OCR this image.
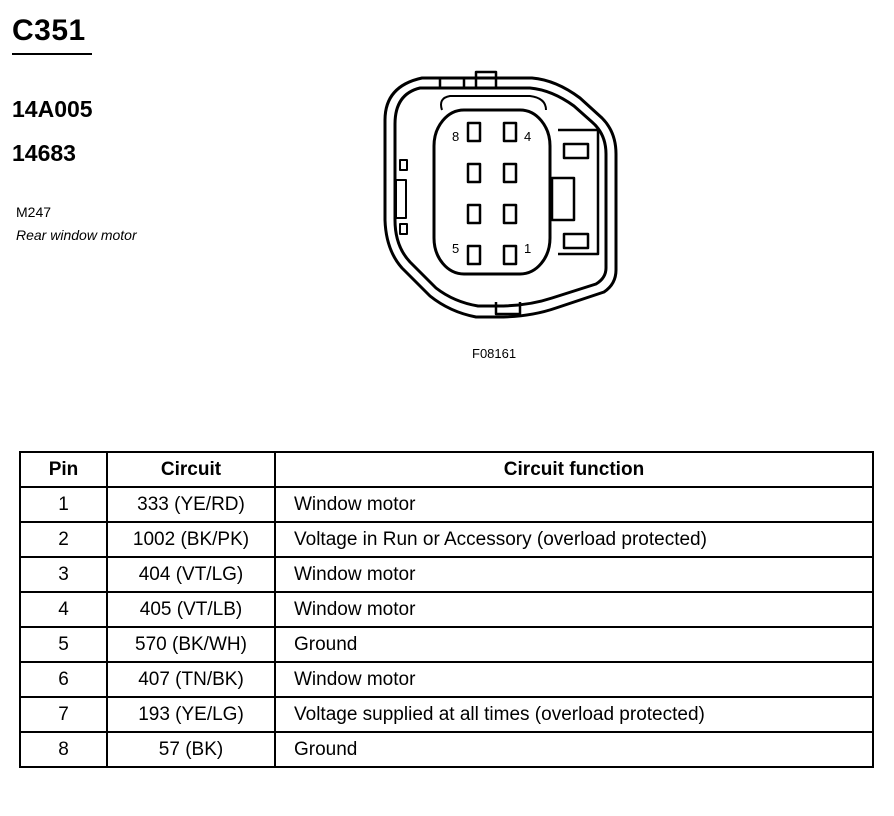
C351
14A005
14683
M247
Rear window motor
8	4
5	1
F08161
Pin	Circuit	Circuit function
1	333 (YE/RD)	Window motor
2	1002 (BK/PK)	Voltage in Run or Accessory (overload protected)
3	404 (VT/LG)	Window motor
4	405 (VT/LB)	Window motor
5	570 (BK/WH)	Ground
6	407 (TN/BK)	Window motor
7	193 (YE/LG)	Voltage supplied at all times (overload protected)
8	57 (BK)	Ground
